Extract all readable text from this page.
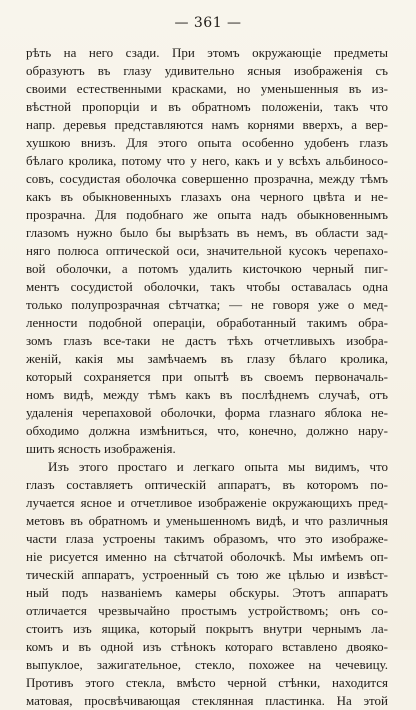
— 361 —
рѣть на него сзади. При этомъ окружающіе предметы
образуютъ въ глазу удивительно ясныя изображенія съ
своими естественными красками, но уменьшенныя въ из-
вѣстной пропорціи и въ обратномъ положеніи, такъ что
напр. деревья представляются намъ корнями вверхъ, а вер-
хушкою внизъ. Для этого опыта особенно удобенъ глазъ
бѣлаго кролика, потому что у него, какъ и у всѣхъ альбиносо-
совъ, сосудистая оболочка совершенно прозрачна, между тѣмъ
какъ въ обыкновенныхъ глазахъ она черного цвѣта и не-
прозрачна. Для подобнаго же опыта надъ обыкновеннымъ
глазомъ нужно было бы вырѣзать въ немъ, въ области зад-
няго полюса оптической оси, значительной кусокъ черепахо-
вой оболочки, а потомъ удалить кисточкою черный пиг-
ментъ сосудистой оболочки, такъ чтобы оставалась одна
только полупрозрачная сѣтчатка; — не говоря уже о мед-
ленности подобной операціи, обработанный такимъ обра-
зомъ глазъ все-таки не дастъ тѣхъ отчетливыхъ изобра-
женій, какія мы замѣчаемъ въ глазу бѣлаго кролика,
который сохраняется при опытѣ въ своемъ первоначаль-
номъ видѣ, между тѣмъ какъ въ послѣднемъ случаѣ, отъ
удаленія черепаховой оболочки, форма глазнаго яблока не-
обходимо должна измѣниться, что, конечно, должно нару-
шить ясность изображенія.
Изъ этого простаго и легкаго опыта мы видимъ, что
глазъ составляетъ оптическій аппаратъ, въ которомъ по-
лучается ясное и отчетливое изображеніе окружающихъ пред-
метовъ въ обратномъ и уменьшенномъ видѣ, и что различныя
части глаза устроены такимъ образомъ, что это изображе-
ніе рисуется именно на сѣтчатой оболочкѣ. Мы имѣемъ оп-
тическій аппаратъ, устроенный съ тою же цѣлью и извѣст-
ный подъ названіемъ камеры обскуры. Этотъ аппаратъ
отличается чрезвычайно простымъ устройствомъ; онъ со-
стоитъ изъ ящика, который покрытъ внутри чернымъ ла-
комъ и въ одной изъ стѣнокъ котораго вставлено двояко-
выпуклое, зажигательное, стекло, похожее на чечевицу.
Противъ этого стекла, вмѣсто черной стѣнки, находится
матовая, просвѣчивающая стеклянная пластинка. На этой
